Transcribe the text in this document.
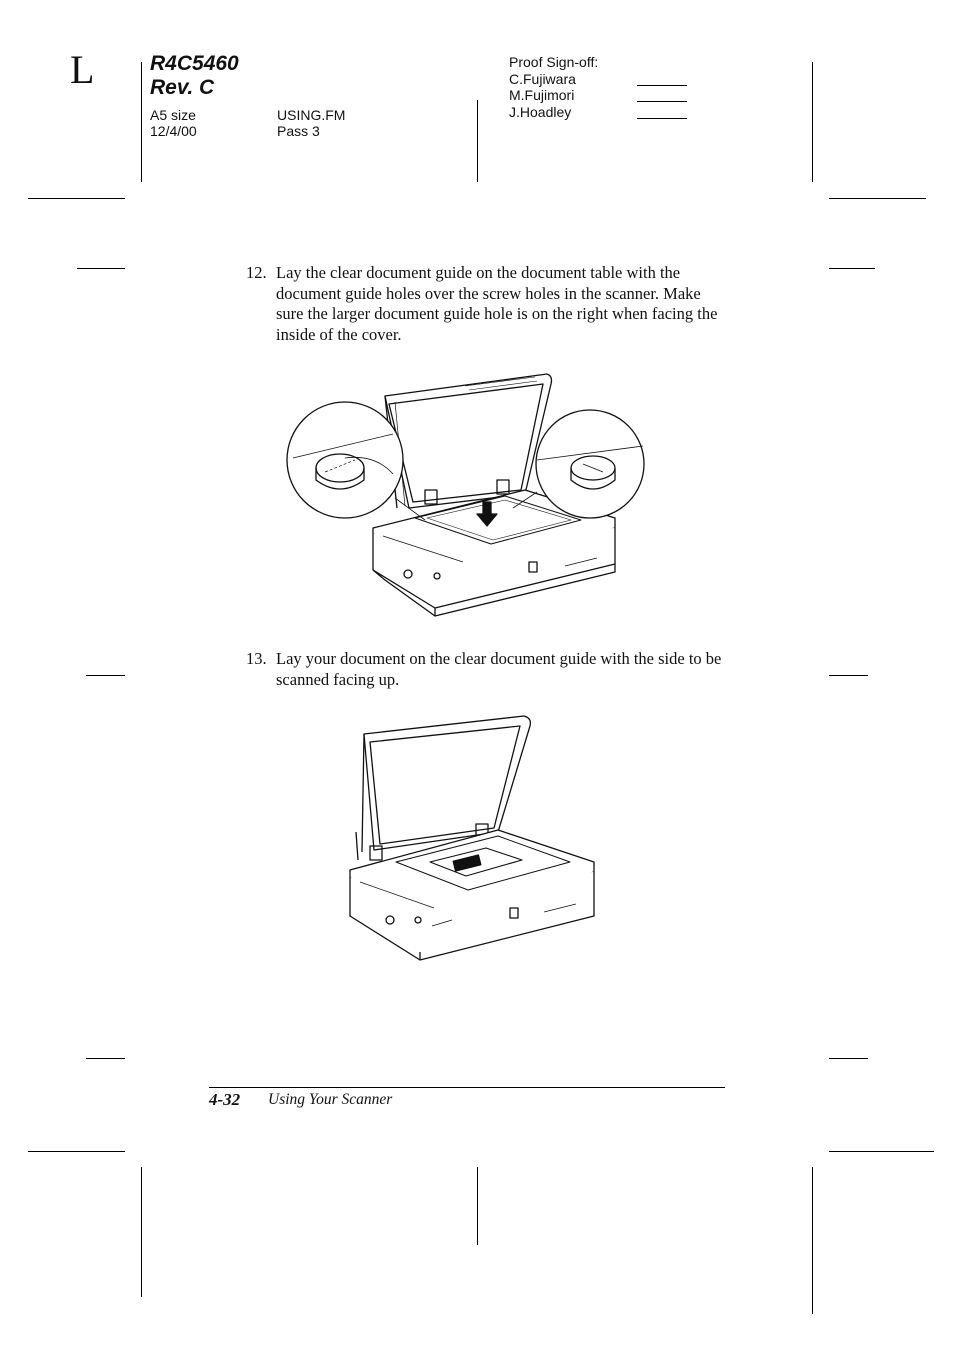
L	R4C5460
Rev. C
A5 size
12/4/00
USING.FM
Pass 3
Proof Sign-off:
C.Fujiwara
M.Fujimori
J.Hoadley
12. Lay the clear document guide on the document table with the document guide holes over the screw holes in the scanner. Make sure the larger document guide hole is on the right when facing the inside of the cover.
13. Lay your document on the clear document guide with the side to be scanned facing up.
4-32 Using Your Scanner
